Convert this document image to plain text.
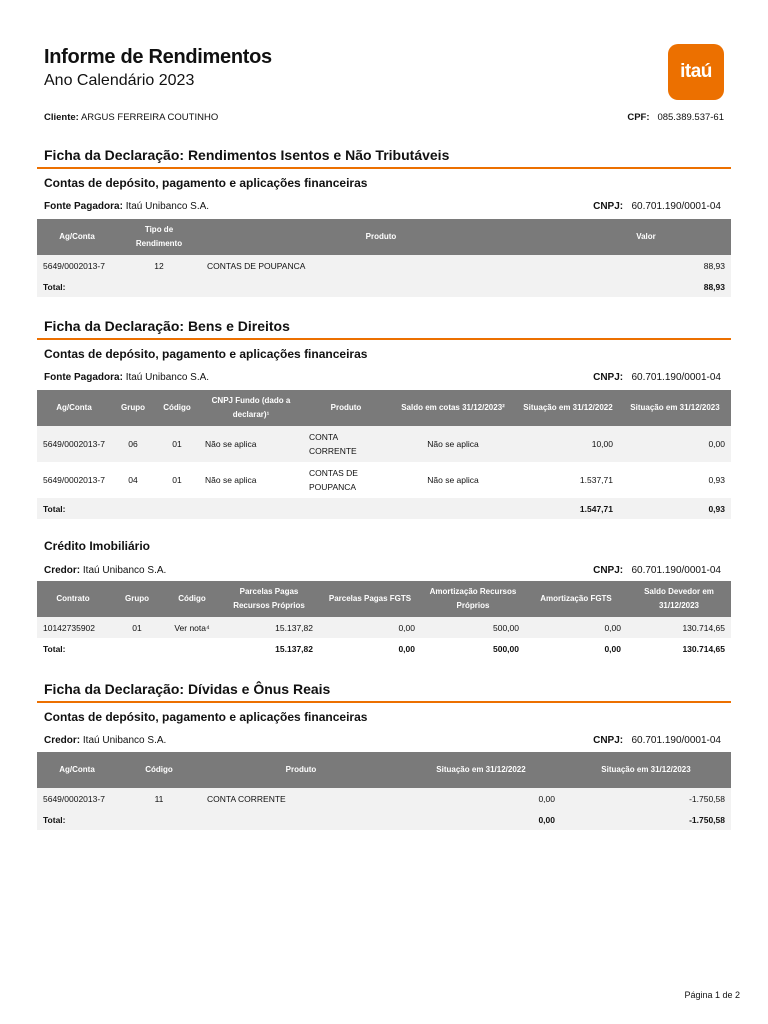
Informe de Rendimentos
Ano Calendário 2023	itaú
Cliente: ARGUS FERREIRA COUTINHO	CPF: 085.389.537-61
Ficha da Declaração: Rendimentos Isentos e Não Tributáveis
Contas de depósito, pagamento e aplicações financeiras
Fonte Pagadora: Itaú Unibanco S.A.	CNPJ: 60.701.190/0001-04
Ag/Conta	Tipo de Rendimento	Produto	Valor
5649/0002013-7	12	CONTAS DE POUPANCA	88,93
Total:			88,93
Ficha da Declaração: Bens e Direitos
Contas de depósito, pagamento e aplicações financeiras
Fonte Pagadora: Itaú Unibanco S.A.	CNPJ: 60.701.190/0001-04
Ag/Conta	Grupo	Código	CNPJ Fundo (dado a declarar)¹	Produto	Saldo em cotas 31/12/2023²	Situação em 31/12/2022	Situação em 31/12/2023
5649/0002013-7	06	01	Não se aplica	CONTA CORRENTE	Não se aplica	10,00	0,00
5649/0002013-7	04	01	Não se aplica	CONTAS DE POUPANCA	Não se aplica	1.537,71	0,93
Total:						1.547,71	0,93
Crédito Imobiliário
Credor: Itaú Unibanco S.A.	CNPJ: 60.701.190/0001-04
Contrato	Grupo	Código	Parcelas Pagas Recursos Próprios	Parcelas Pagas FGTS	Amortização Recursos Próprios	Amortização FGTS	Saldo Devedor em 31/12/2023
10142735902	01	Ver nota⁴	15.137,82	0,00	500,00	0,00	130.714,65
Total:			15.137,82	0,00	500,00	0,00	130.714,65
Ficha da Declaração: Dívidas e Ônus Reais
Contas de depósito, pagamento e aplicações financeiras
Credor: Itaú Unibanco S.A.	CNPJ: 60.701.190/0001-04
Ag/Conta	Código	Produto	Situação em 31/12/2022	Situação em 31/12/2023
5649/0002013-7	11	CONTA CORRENTE	0,00	-1.750,58
Total:			0,00	-1.750,58
Página 1 de 2
